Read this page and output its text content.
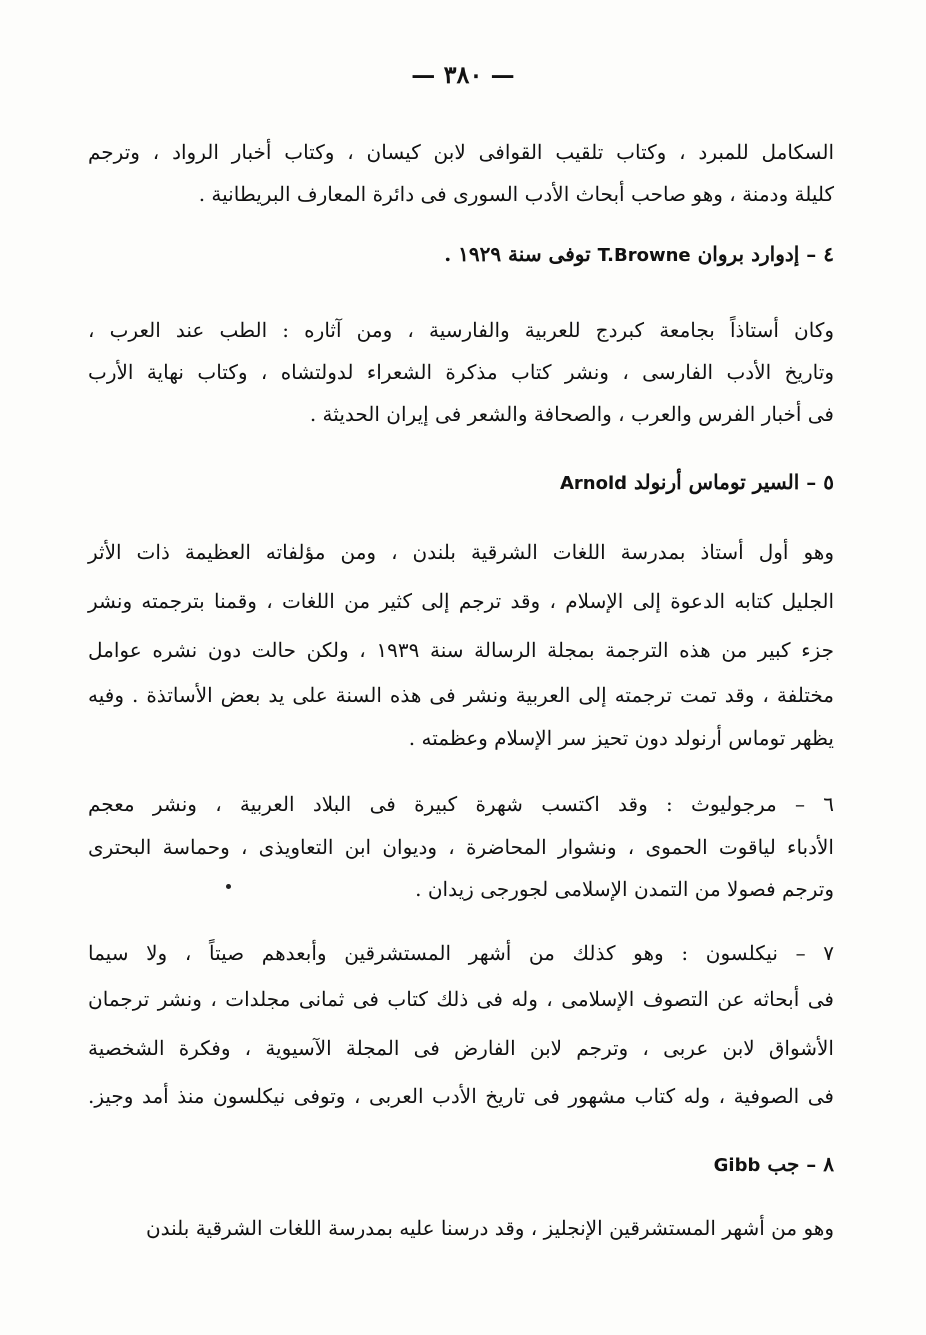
— ٣٨٠ —
السكامل للمبرد ، وكتاب تلقيب القوافى لابن كيسان ، وكتاب أخبار الرواد ، وترجم
كليلة ودمنة ، وهو صاحب أبحاث الأدب السورى فى دائرة المعارف البريطانية .
٤ – إدوارد بروان T.Browne توفى سنة ١٩٢٩ .
وكان أستاذاً بجامعة كبردج للعربية والفارسية ، ومن آثاره : الطب عند العرب ،
وتاريخ الأدب الفارسى ، ونشر كتاب مذكرة الشعراء لدولتشاه ، وكتاب نهاية الأرب
فى أخبار الفرس والعرب ، والصحافة والشعر فى إيران الحديثة .
٥ – السير توماس أرنولد Arnold
وهو أول أستاذ بمدرسة اللغات الشرقية بلندن ، ومن مؤلفاته العظيمة ذات الأثر
الجليل كتابه الدعوة إلى الإسلام ، وقد ترجم إلى كثير من اللغات ، وقمنا بترجمته ونشر
جزء كبير من هذه الترجمة بمجلة الرسالة سنة ١٩٣٩ ، ولكن حالت دون نشره عوامل
مختلفة ، وقد تمت ترجمته إلى العربية ونشر فى هذه السنة على يد بعض الأساتذة . وفيه
يظهر توماس أرنولد دون تحيز سر الإسلام وعظمته .
٦ – مرجوليوث : وقد اكتسب شهرة كبيرة فى البلاد العربية ، ونشر معجم
الأدباء لياقوت الحموى ، ونشوار المحاضرة ، وديوان ابن التعاويذى ، وحماسة البحترى
وترجم فصولا من التمدن الإسلامى لجورجى زيدان .
٧ – نيكلسون : وهو كذلك من أشهر المستشرقين وأبعدهم صيتاً ، ولا سيما
فى أبحاثه عن التصوف الإسلامى ، وله فى ذلك كتاب فى ثمانى مجلدات ، ونشر ترجمان
الأشواق لابن عربى ، وترجم لابن الفارض فى المجلة الآسيوية ، وفكرة الشخصية
فى الصوفية ، وله كتاب مشهور فى تاريخ الأدب العربى ، وتوفى نيكلسون منذ أمد وجيز.
٨ – جب Gibb
وهو من أشهر المستشرقين الإنجليز ، وقد درسنا عليه بمدرسة اللغات الشرقية بلندن
